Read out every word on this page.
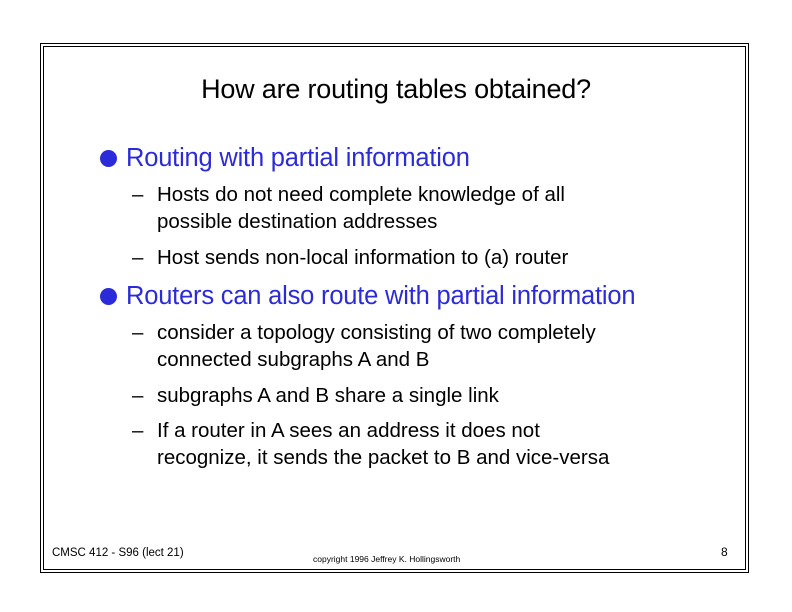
How are routing tables obtained?
Routing with partial information
– Hosts do not need complete knowledge of all
possible destination addresses
– Host sends non-local information to (a) router
Routers can also route with partial information
– consider a topology consisting of two completely
connected subgraphs A and B
– subgraphs A and B share a single link
– If a router in A sees an address it does not
recognize, it sends the packet to B and vice-versa
CMSC 412 - S96 (lect 21)	copyright 1996 Jeffrey K. Hollingsworth	8
